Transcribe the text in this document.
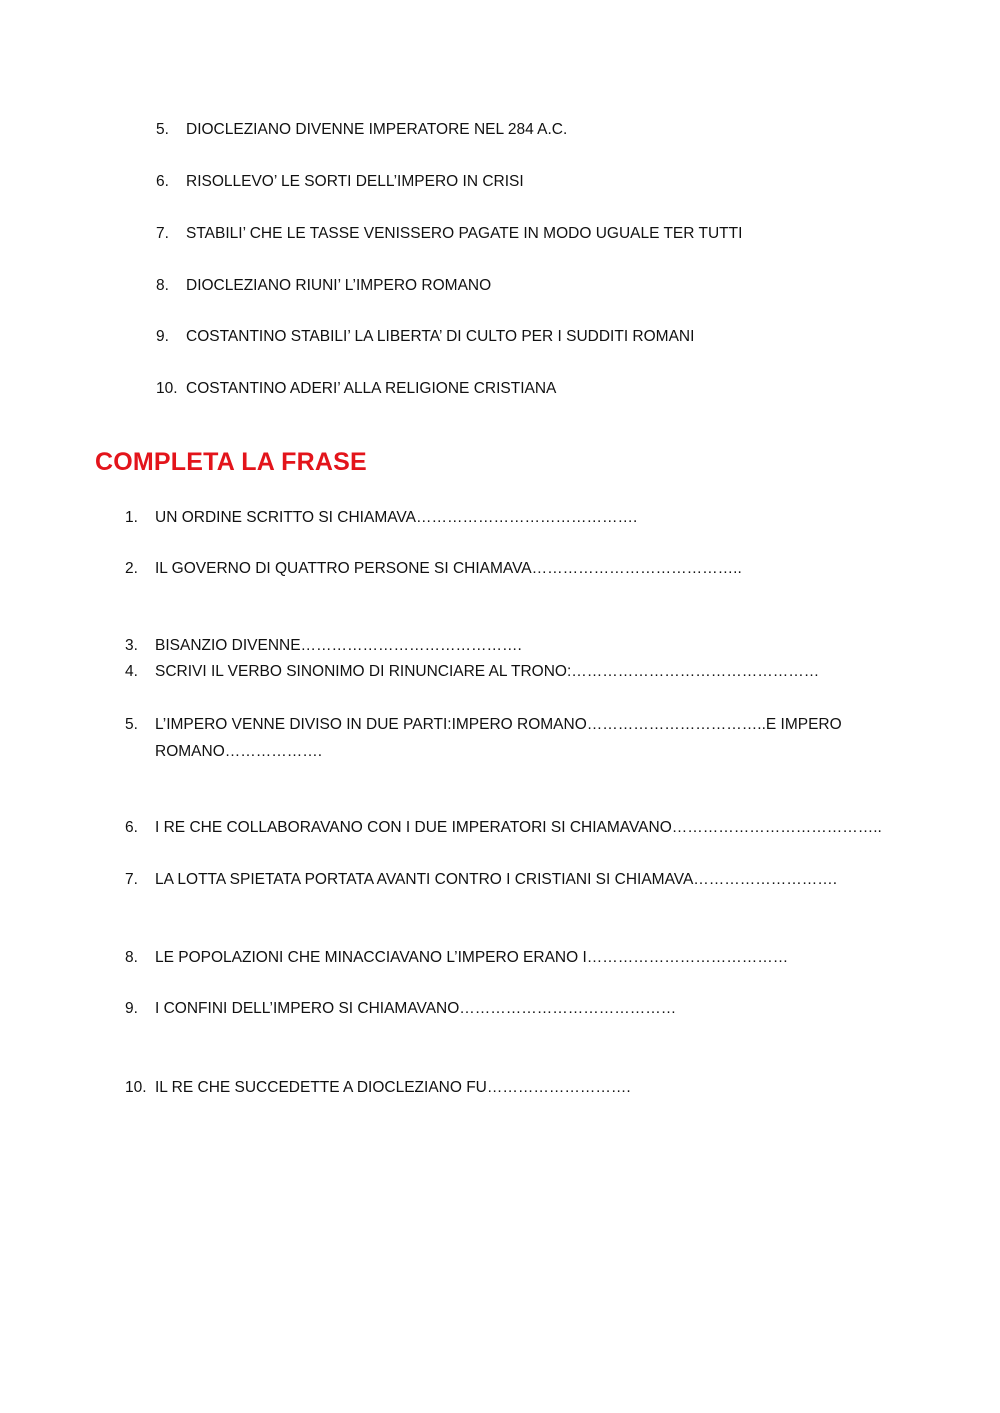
5. DIOCLEZIANO DIVENNE IMPERATORE NEL 284 A.C.
6. RISOLLEVO’ LE SORTI DELL’IMPERO IN CRISI
7. STABILI’ CHE LE TASSE VENISSERO PAGATE IN MODO UGUALE TER TUTTI
8. DIOCLEZIANO RIUNI’ L’IMPERO ROMANO
9. COSTANTINO STABILI’ LA LIBERTA’ DI CULTO PER I SUDDITI ROMANI
10. COSTANTINO ADERI’ ALLA RELIGIONE CRISTIANA
COMPLETA LA FRASE
1. UN ORDINE SCRITTO SI CHIAMAVA…………………………………….
2. IL GOVERNO DI QUATTRO PERSONE SI CHIAMAVA…………………………………..
3. BISANZIO DIVENNE…………………………………….
4. SCRIVI IL VERBO SINONIMO DI RINUNCIARE AL TRONO:…………………………………………
5. L’IMPERO VENNE DIVISO IN DUE PARTI:IMPERO ROMANO……………………………..E IMPERO ROMANO……………….
6. I RE CHE COLLABORAVANO CON I DUE IMPERATORI SI CHIAMAVANO…………………………………..
7. LA LOTTA SPIETATA PORTATA AVANTI CONTRO I CRISTIANI SI CHIAMAVA……………………….
8. LE POPOLAZIONI CHE MINACCIAVANO L’IMPERO ERANO I…………………………………
9. I CONFINI DELL’IMPERO SI CHIAMAVANO……………………………………
10. IL RE CHE SUCCEDETTE A DIOCLEZIANO FU……………………….
